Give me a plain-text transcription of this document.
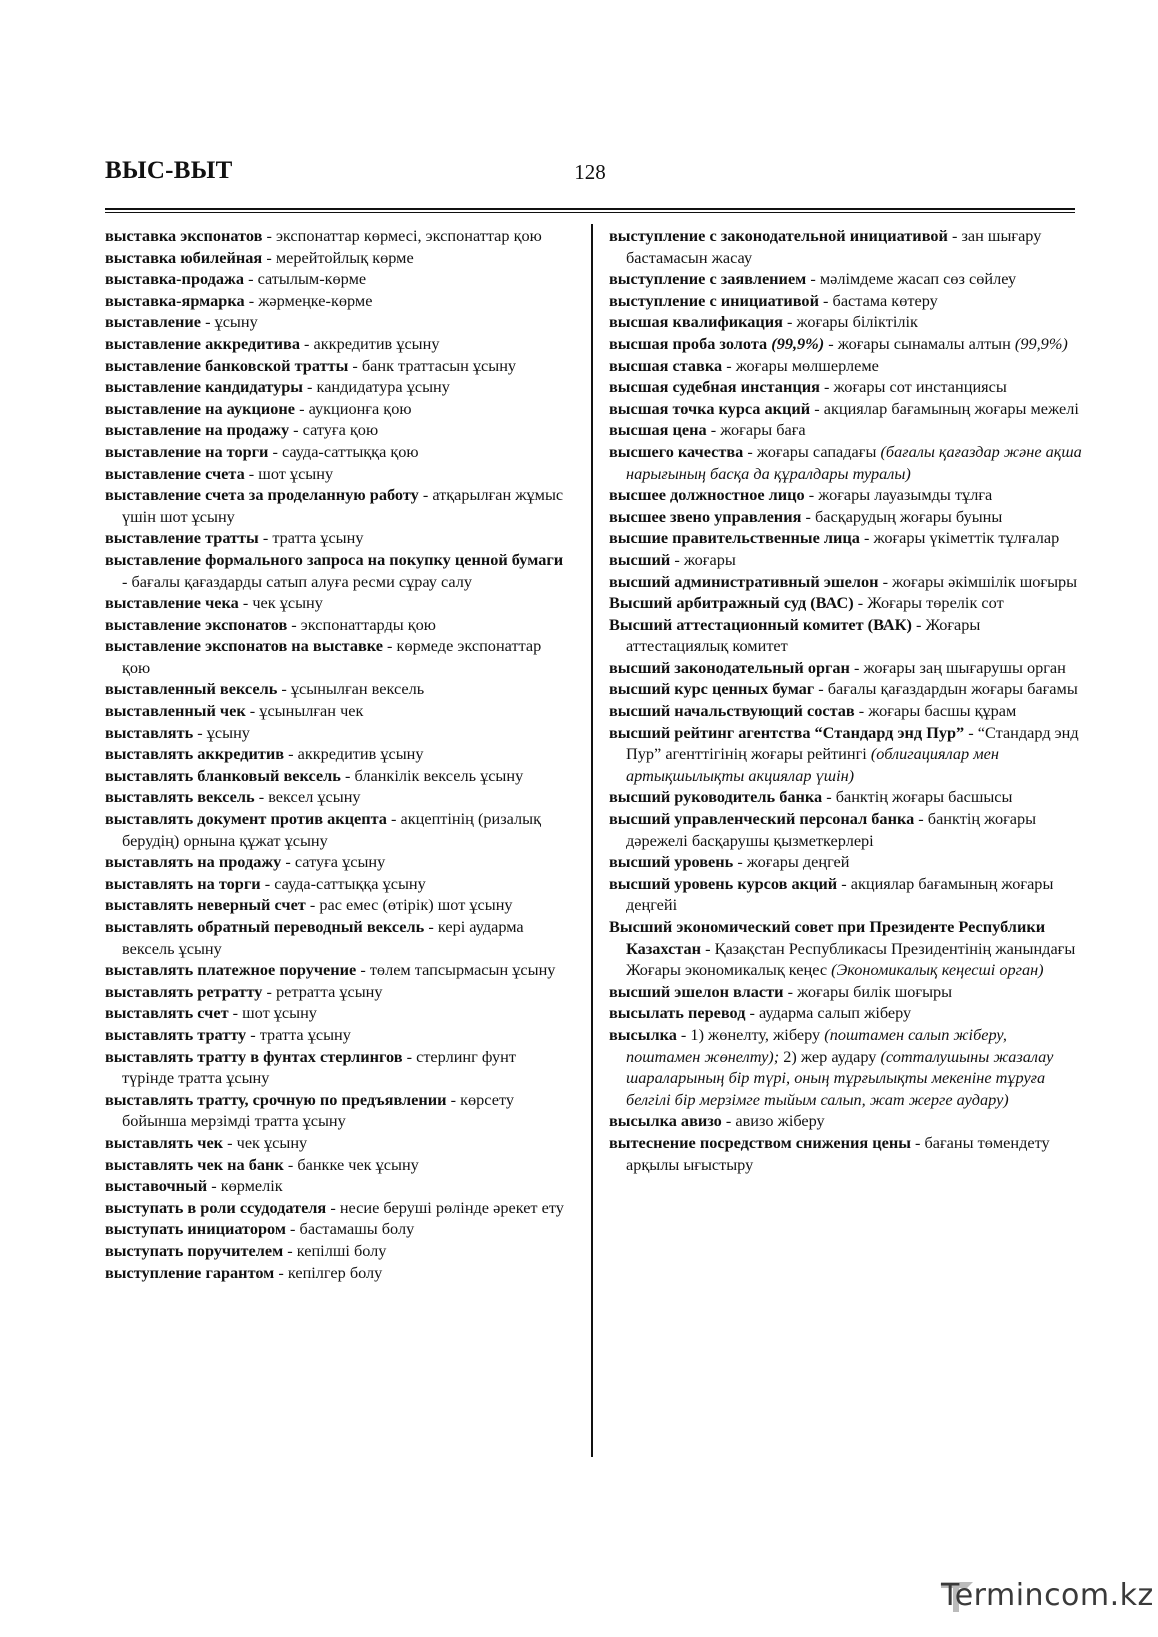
ВЫС-ВЫТ	128

выставка экспонатов - экспонаттар көрмесі, экспонаттар қою

выставка юбилейная - мерейтойлық көрме

выставка-продажа - сатылым-көрме

выставка-ярмарка - жәрмеңке-көрме

выставление - ұсыну

выставление аккредитива - аккредитив ұсыну

выставление банковской тратты - банк траттасын ұсыну

выставление кандидатуры - кандидатура ұсыну

выставление на аукционе - аукционға қою

выставление на продажу - сатуға қою

выставление на торги - сауда-саттыққа қою

выставление счета - шот ұсыну

выставление счета за проделанную работу - атқарылған жұмыс үшін шот ұсыну

выставление тратты - тратта ұсыну

выставление формального запроса на покупку ценной бумаги - бағалы қағаздарды сатып алуға ресми сұрау салу

выставление чека - чек ұсыну

выставление экспонатов - экспонаттарды қою

выставление экспонатов на выставке - көрмеде экспонаттар қою

выставленный вексель - ұсынылған вексель

выставленный чек - ұсынылған чек

выставлять - ұсыну

выставлять аккредитив - аккредитив ұсыну

выставлять бланковый вексель - бланкілік вексель ұсыну

выставлять вексель - вексел ұсыну

выставлять документ против акцепта - акцептінің (ризалық берудің) орнына құжат ұсыну

выставлять на продажу - сатуға ұсыну

выставлять на торги - сауда-саттыққа ұсыну

выставлять неверный счет - рас емес (өтірік) шот ұсыну

выставлять обратный переводный вексель - кері аударма вексель ұсыну

выставлять платежное поручение - төлем тапсырмасын ұсыну

выставлять ретратту - ретратта ұсыну

выставлять счет - шот ұсыну

выставлять тратту - тратта ұсыну

выставлять тратту в фунтах стерлингов - стерлинг фунт түрінде тратта ұсыну

выставлять тратту, срочную по предъявлении - көрсету бойынша мерзімді тратта ұсыну

выставлять чек - чек ұсыну

выставлять чек на банк - банкке чек ұсыну

выставочный - көрмелік

выступать в роли ссудодателя - несие беруші рөлінде әрекет ету

выступать инициатором - бастамашы болу

выступать поручителем - кепілші болу

выступление гарантом - кепілгер болу

выступление с законодательной инициативой - зан шығару бастамасын жасау

выступление с заявлением - мәлімдеме жасап сөз сөйлеу

выступление с инициативой - бастама көтеру

высшая квалификация - жоғары біліктілік

высшая проба золота (99,9%) - жоғары сынамалы алтын (99,9%)

высшая ставка - жоғары мөлшерлеме

высшая судебная инстанция - жоғары сот инстанциясы

высшая точка курса акций - акциялар бағамының жоғары межелі

высшая цена - жоғары баға

высшего качества - жоғары сападағы (бағалы қағаздар және ақша нарығының басқа да құралдары туралы)

высшее должностное лицо - жоғары лауазымды тұлға

высшее звено управления - басқарудың жоғары буыны

высшие правительственные лица - жоғары үкіметтік тұлғалар

высший - жоғары

высший административный эшелон - жоғары әкімшілік шоғыры

Высший арбитражный суд (ВАС) - Жоғары төрелік сот

Высший аттестационный комитет (ВАК) - Жоғары аттестациялық комитет

высший законодательный орган - жоғары заң шығарушы орган

высший курс ценных бумаг - бағалы қағаздардын жоғары бағамы

высший начальствующий состав - жоғары басшы құрам

высший рейтинг агентства “Стандард энд Пур” - “Стандард энд Пур” агенттігінің жоғары рейтингі (облигациялар мен артықшылықты акциялар үшін)

высший руководитель банка - банктің жоғары басшысы

высший управленческий персонал банка - банктің жоғары дәрежелі басқарушы қызметкерлері

высший уровень - жоғары деңгей

высший уровень курсов акций - акциялар бағамының жоғары деңгейі

Высший экономический совет при Президенте Республики Казахстан - Қазақстан Республикасы Президентінің жанындағы Жоғары экономикалық кеңес (Экономикалық кеңесші орган)

высший эшелон власти - жоғары билік шоғыры

высылать перевод - аударма салып жіберу

высылка - 1) жөнелту, жіберу (поштамен салып жіберу, поштамен жөнелту); 2) жер аудару (сотталушыны жазалау шараларының бір түрі, оның тұрғылықты мекеніне тұруға белгілі бір мерзімге тыйым салып, жат жерге аудару)

высылка авизо - авизо жіберу

вытеснение посредством снижения цены - бағаны төмендету арқылы ығыстыру

Termincom.kz
